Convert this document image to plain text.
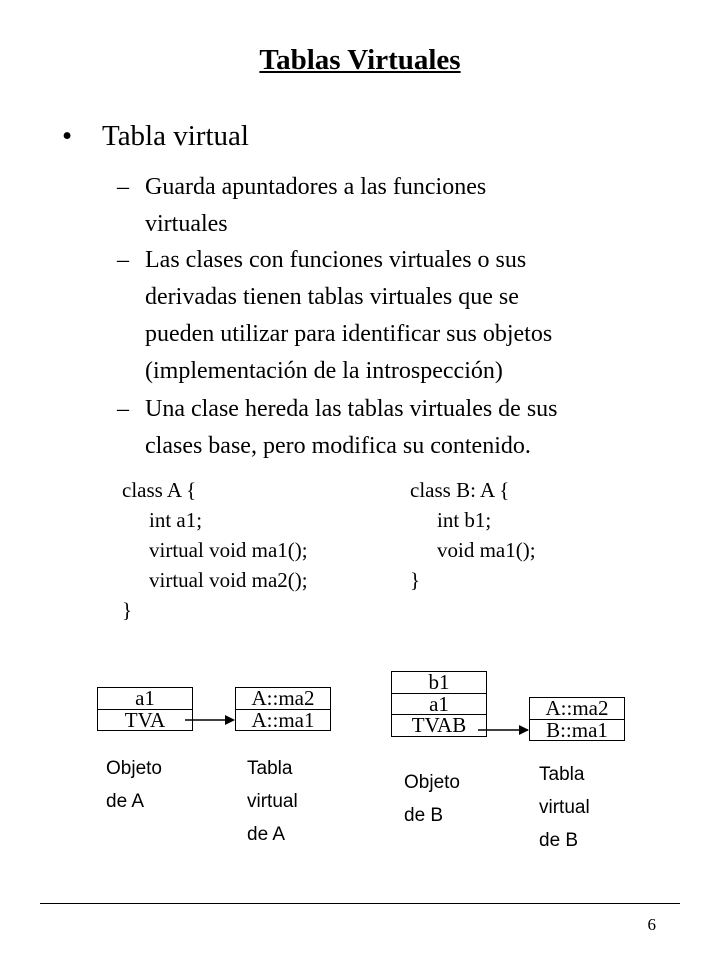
Tablas Virtuales
• Tabla virtual
– Guarda apuntadores a las funciones
virtuales
– Las clases con funciones virtuales o sus
derivadas tienen tablas virtuales que se
pueden utilizar para identificar sus objetos
(implementación de la introspección)
– Una clase hereda las tablas virtuales de sus
clases base, pero modifica su contenido.
class A {
int a1;
virtual void ma1();
virtual void ma2();
}
class B: A {
int b1;
void ma1();
}
a1
TVA
A::ma2
A::ma1
Objeto
de A
Tabla
virtual
de A
b1
a1
TVAB
A::ma2
B::ma1
Objeto
de B
Tabla
virtual
de B
6
